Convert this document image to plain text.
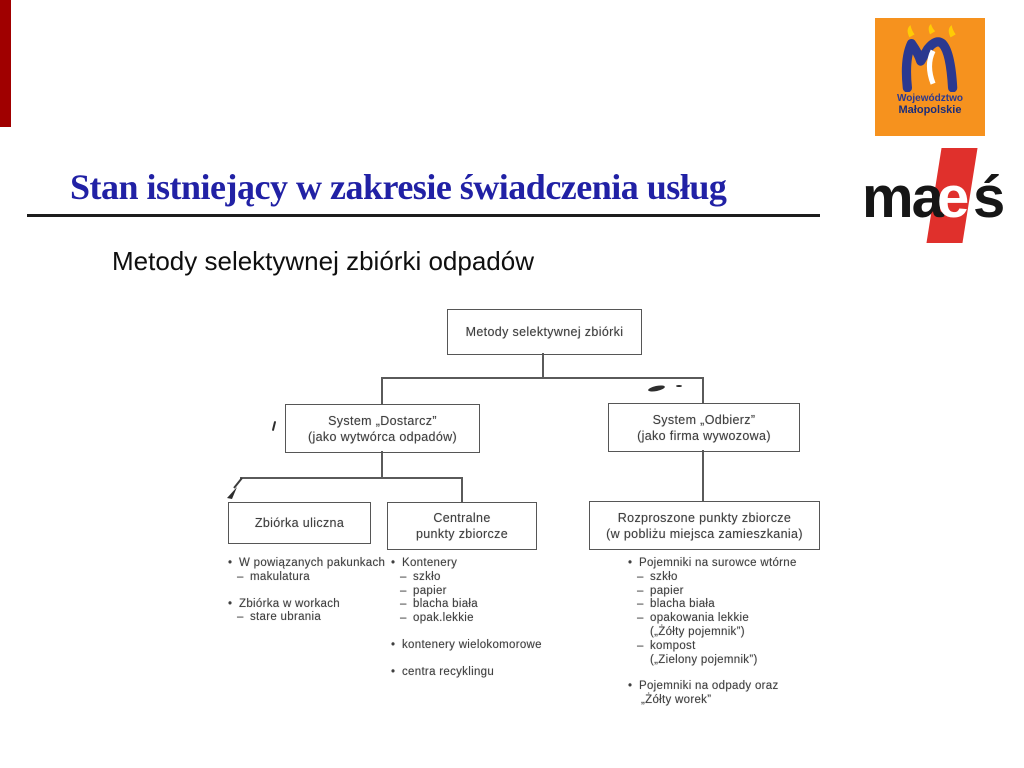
Stan istniejący w zakresie świadczenia usług
Metody selektywnej zbiórki odpadów
Województwo
Małopolskie
ma
e ś
Metody selektywnej zbiórki
System „Dostarcz”
(jako wytwórca odpadów)
System „Odbierz”
(jako firma wywozowa)
Zbiórka uliczna	Centralne
punkty zbiorcze
Rozproszone punkty zbiorcze
(w pobliżu miejsca zamieszkania)
• W powiązanych pakunkach
– makulatura
• Zbiórka w workach
– stare ubrania
• Kontenery
– szkło
– papier
– blacha biała
– opak.lekkie
• kontenery wielokomorowe
• centra recyklingu
• Pojemniki na surowce wtórne
– szkło
– papier
– blacha biała
– opakowania lekkie
(„Żółty pojemnik”)
– kompost
(„Zielony pojemnik”)
• Pojemniki na odpady oraz
„Żółty worek”
